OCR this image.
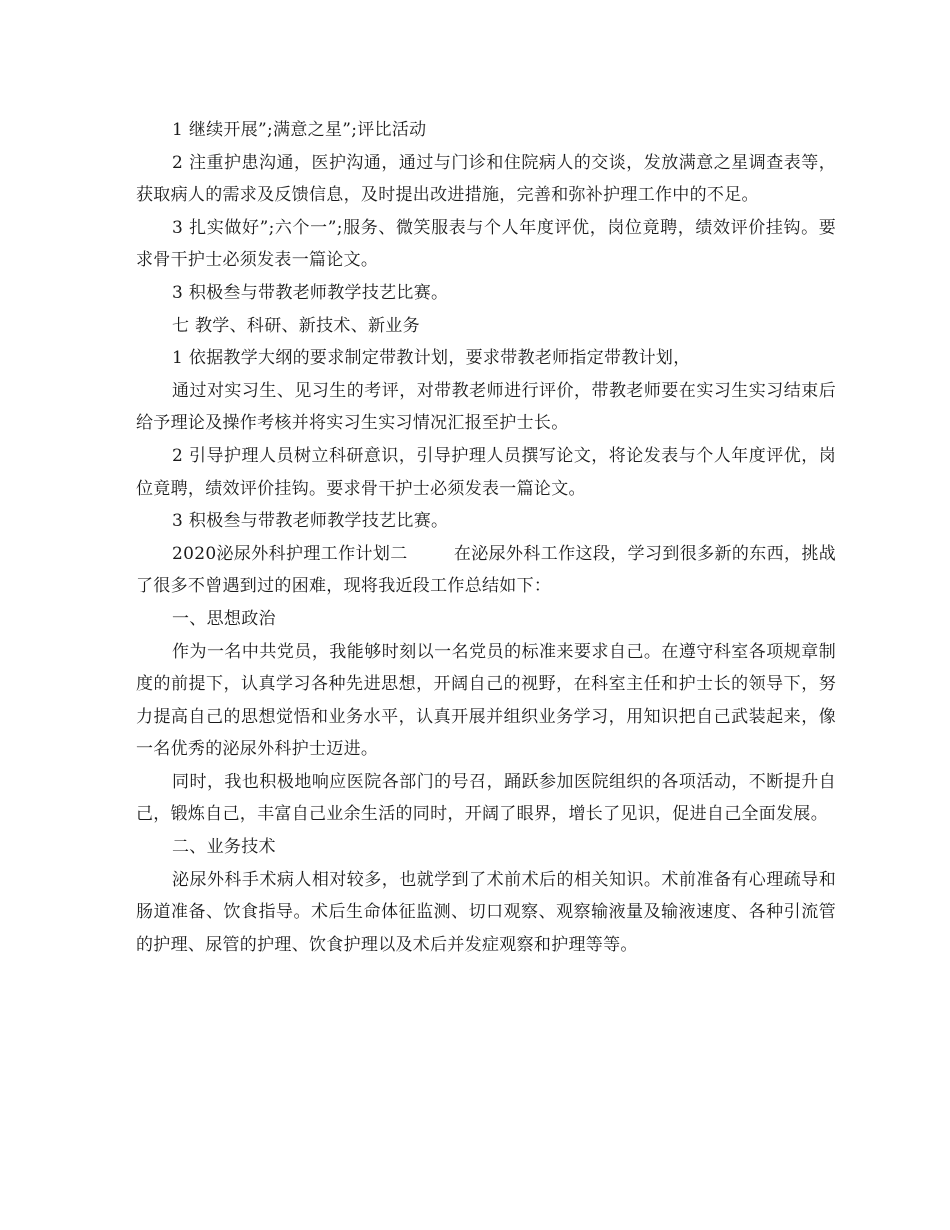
1 继续开展”;满意之星”;评比活动

2 注重护患沟通，医护沟通，通过与门诊和住院病人的交谈，发放满意之星调查表等，获取病人的需求及反馈信息，及时提出改进措施，完善和弥补护理工作中的不足。

3 扎实做好”;六个一”;服务、微笑服表与个人年度评优，岗位竟聘，绩效评价挂钩。要求骨干护士必须发表一篇论文。

3 积极叁与带教老师教学技艺比赛。

七 教学、科研、新技术、新业务

1 依据教学大纲的要求制定带教计划，要求带教老师指定带教计划，

通过对实习生、见习生的考评，对带教老师进行评价，带教老师要在实习生实习结束后给予理论及操作考核并将实习生实习情况汇报至护士长。

2 引导护理人员树立科研意识，引导护理人员撰写论文，将论发表与个人年度评优，岗位竟聘，绩效评价挂钩。要求骨干护士必须发表一篇论文。

3 积极叁与带教老师教学技艺比赛。

2020泌尿外科护理工作计划二        在泌尿外科工作这段，学习到很多新的东西，挑战了很多不曾遇到过的困难，现将我近段工作总结如下：

一、思想政治

作为一名中共党员，我能够时刻以一名党员的标准来要求自己。在遵守科室各项规章制度的前提下，认真学习各种先进思想，开阔自己的视野，在科室主任和护士长的领导下，努力提高自己的思想觉悟和业务水平，认真开展并组织业务学习，用知识把自己武装起来，像一名优秀的泌尿外科护士迈进。

同时，我也积极地响应医院各部门的号召，踊跃参加医院组织的各项活动，不断提升自己，锻炼自己，丰富自己业余生活的同时，开阔了眼界，增长了见识，促进自己全面发展。

二、业务技术

泌尿外科手术病人相对较多，也就学到了术前术后的相关知识。术前准备有心理疏导和肠道准备、饮食指导。术后生命体征监测、切口观察、观察输液量及输液速度、各种引流管的护理、尿管的护理、饮食护理以及术后并发症观察和护理等等。
